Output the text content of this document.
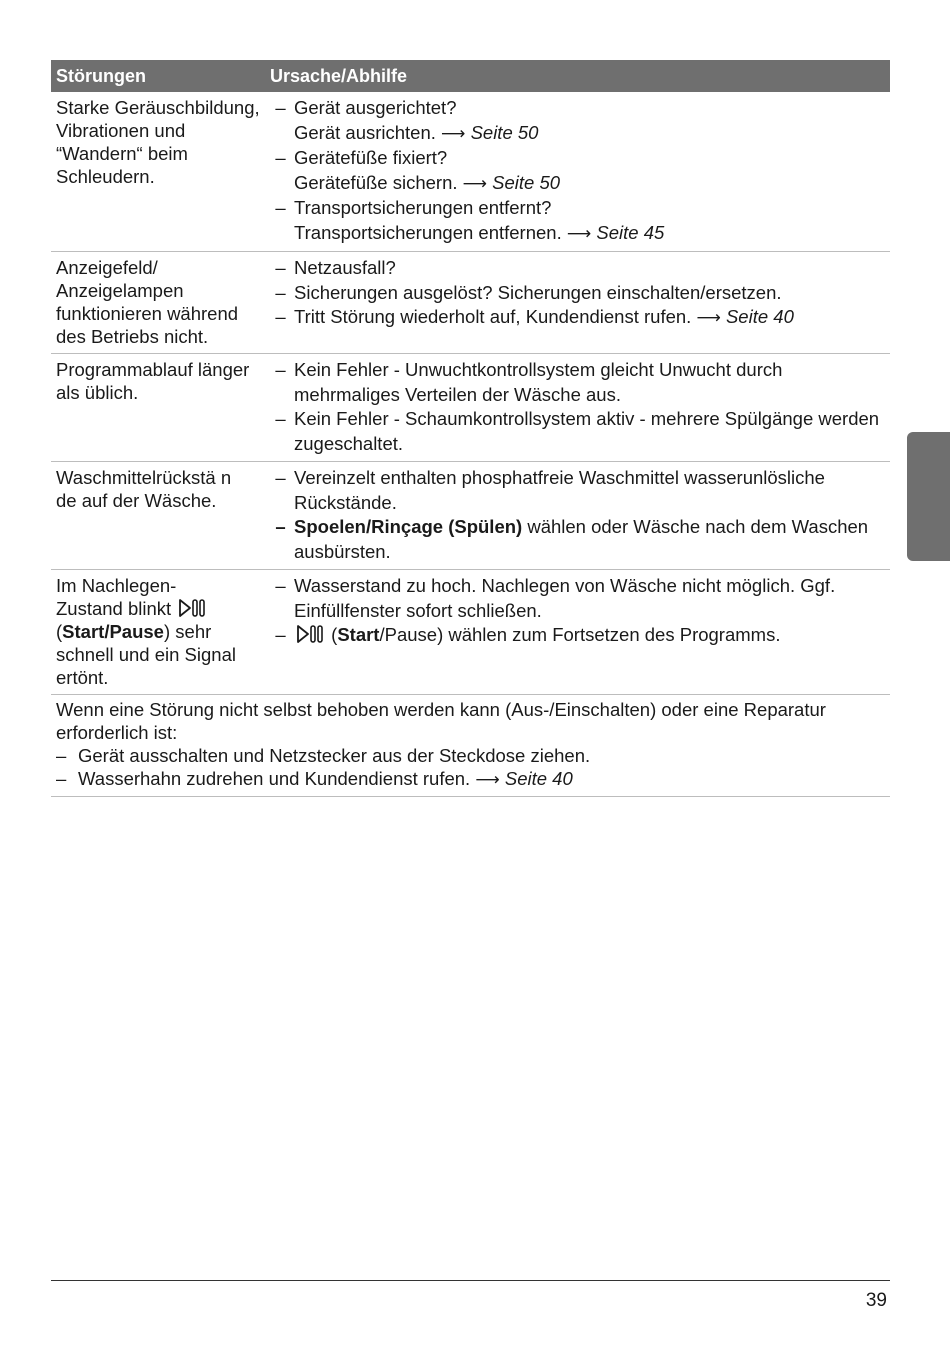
Störungen	Ursache/Abhilfe
Starke Geräuschbildung, Vibrationen und “Wandern“ beim Schleudern.
– Gerät ausgerichtet?
Gerät ausrichten. ⟶ Seite 50
– Gerätefüße fixiert?
Gerätefüße sichern. ⟶ Seite 50
– Transportsicherungen entfernt?
Transportsicherungen entfernen. ⟶ Seite 45
Anzeigefeld/ Anzeigelampen funktionieren während des Betriebs nicht.
– Netzausfall?
– Sicherungen ausgelöst? Sicherungen einschalten/ersetzen.
– Tritt Störung wiederholt auf, Kundendienst rufen. ⟶ Seite 40
Programmablauf länger als üblich.
– Kein Fehler - Unwuchtkontrollsystem gleicht Unwucht durch mehrmaliges Verteilen der Wäsche aus.
– Kein Fehler - Schaumkontrollsystem aktiv - mehrere Spülgänge werden zugeschaltet.
Waschmittelrückstä nde auf der Wäsche.
– Vereinzelt enthalten phosphatfreie Waschmittel wasserunlösliche Rückstände.
– Spoelen/Rinçage (Spülen) wählen oder Wäsche nach dem Waschen ausbürsten.
Im Nachlegen-Zustand blinkt
(Start/Pause) sehr schnell und ein Signal ertönt.
– Wasserstand zu hoch. Nachlegen von Wäsche nicht möglich. Ggf. Einfüllfenster sofort schließen.
–	(Start/Pause) wählen zum Fortsetzen des Programms.
Wenn eine Störung nicht selbst behoben werden kann (Aus-/Einschalten) oder eine Reparatur erforderlich ist:
– Gerät ausschalten und Netzstecker aus der Steckdose ziehen.
– Wasserhahn zudrehen und Kundendienst rufen. ⟶ Seite 40
39
